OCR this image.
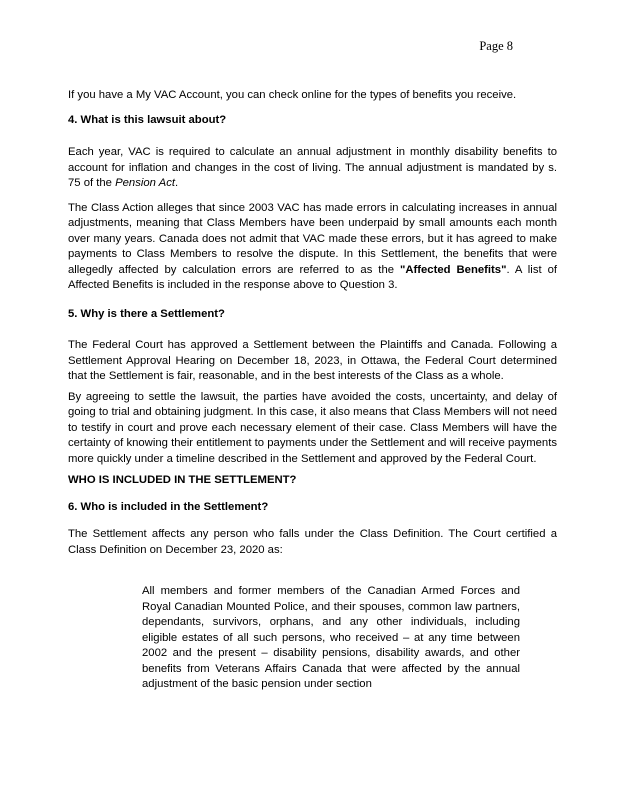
Page 8

If you have a My VAC Account, you can check online for the types of benefits you receive.

4. What is this lawsuit about?

Each year, VAC is required to calculate an annual adjustment in monthly disability benefits to account for inflation and changes in the cost of living. The annual adjustment is mandated by s. 75 of the Pension Act.

The Class Action alleges that since 2003 VAC has made errors in calculating increases in annual adjustments, meaning that Class Members have been underpaid by small amounts each month over many years. Canada does not admit that VAC made these errors, but it has agreed to make payments to Class Members to resolve the dispute. In this Settlement, the benefits that were allegedly affected by calculation errors are referred to as the "Affected Benefits". A list of Affected Benefits is included in the response above to Question 3.

5. Why is there a Settlement?

The Federal Court has approved a Settlement between the Plaintiffs and Canada. Following a Settlement Approval Hearing on December 18, 2023, in Ottawa, the Federal Court determined that the Settlement is fair, reasonable, and in the best interests of the Class as a whole.

By agreeing to settle the lawsuit, the parties have avoided the costs, uncertainty, and delay of going to trial and obtaining judgment. In this case, it also means that Class Members will not need to testify in court and prove each necessary element of their case. Class Members will have the certainty of knowing their entitlement to payments under the Settlement and will receive payments more quickly under a timeline described in the Settlement and approved by the Federal Court.

WHO IS INCLUDED IN THE SETTLEMENT?
6. Who is included in the Settlement?

The Settlement affects any person who falls under the Class Definition. The Court certified a Class Definition on December 23, 2020 as:

All members and former members of the Canadian Armed Forces and Royal Canadian Mounted Police, and their spouses, common law partners, dependants, survivors, orphans, and any other individuals, including eligible estates of all such persons, who received – at any time between 2002 and the present – disability pensions, disability awards, and other benefits from Veterans Affairs Canada that were affected by the annual adjustment of the basic pension under section
